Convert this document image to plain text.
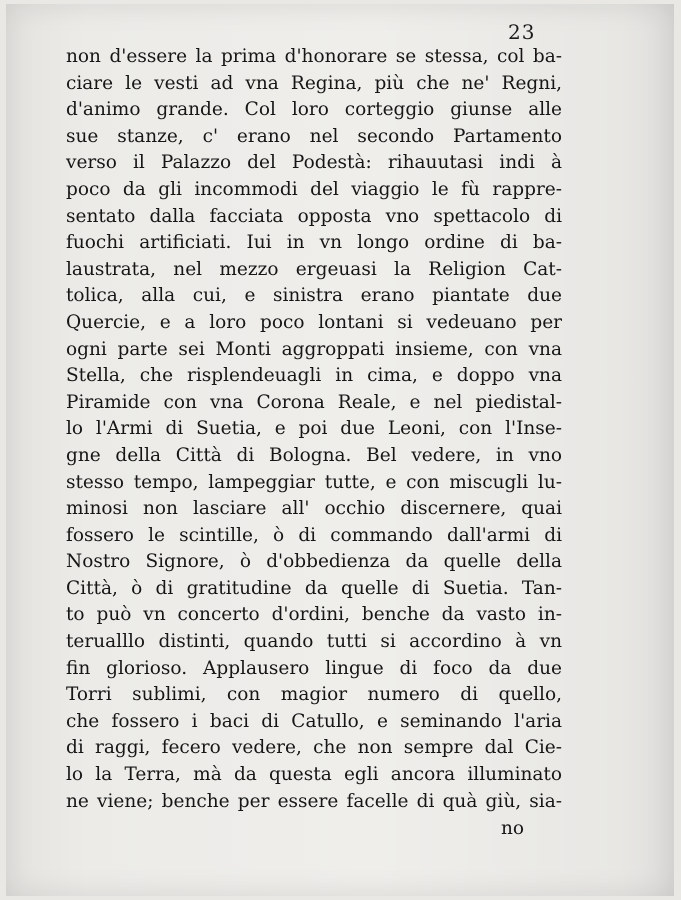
23
non d'essere la prima d'honorare se stessa, col ba-
ciare le vesti ad vna Regina, più che ne' Regni,
d'animo grande. Col loro corteggio giunse alle
sue stanze, c' erano nel secondo Partamento
verso il Palazzo del Podestà: rihauutasi indi à
poco da gli incommodi del viaggio le fù rappre-
sentato dalla facciata opposta vno spettacolo di
fuochi artificiati. Iui in vn longo ordine di ba-
laustrata, nel mezzo ergeuasi la Religion Cat-
tolica, alla cui, e sinistra erano piantate due
Quercie, e a loro poco lontani si vedeuano per
ogni parte sei Monti aggroppati insieme, con vna
Stella, che risplendeuagli in cima, e doppo vna
Piramide con vna Corona Reale, e nel piedistal-
lo l'Armi di Suetia, e poi due Leoni, con l'Inse-
gne della Città di Bologna. Bel vedere, in vno
stesso tempo, lampeggiar tutte, e con miscugli lu-
minosi non lasciare all' occhio discernere, quai
fossero le scintille, ò di commando dall'armi di
Nostro Signore, ò d'obbedienza da quelle della
Città, ò di gratitudine da quelle di Suetia. Tan-
to può vn concerto d'ordini, benche da vasto in-
terualllo distinti, quando tutti si accordino à vn
fin glorioso. Applausero lingue di foco da due
Torri sublimi, con magior numero di quello,
che fossero i baci di Catullo, e seminando l'aria
di raggi, fecero vedere, che non sempre dal Cie-
lo la Terra, mà da questa egli ancora illuminato
ne viene; benche per essere facelle di quà giù, sia-
no
